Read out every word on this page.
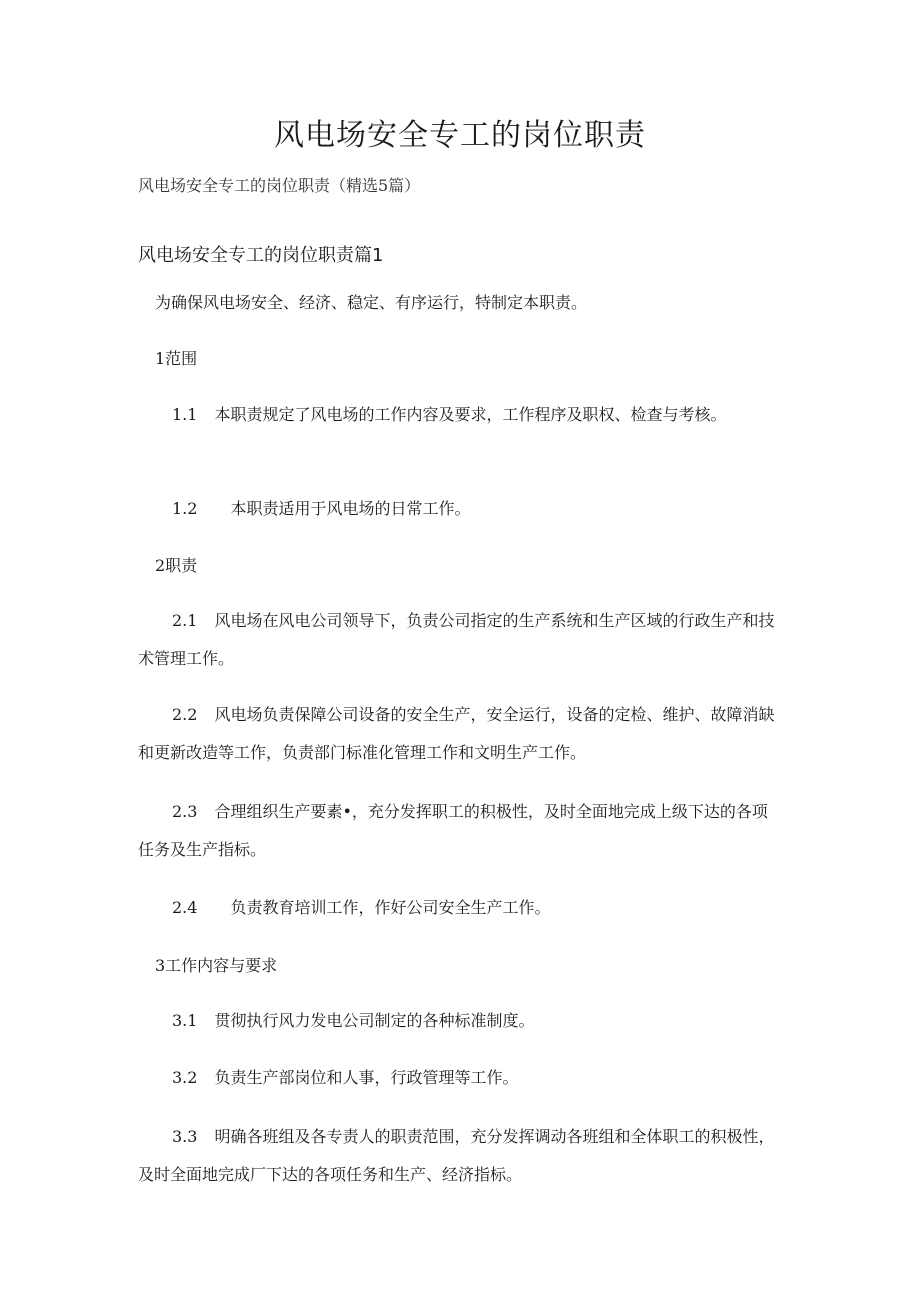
风电场安全专工的岗位职责

风电场安全专工的岗位职责（精选5篇）

风电场安全专工的岗位职责篇1

为确保风电场安全、经济、稳定、有序运行，特制定本职责。

1范围

1.1 本职责规定了风电场的工作内容及要求，工作程序及职权、检查与考核。

1.2 本职责适用于风电场的日常工作。

2职责

2.1 风电场在风电公司领导下，负责公司指定的生产系统和生产区域的行政生产和技术管理工作。

2.2 风电场负责保障公司设备的安全生产，安全运行，设备的定检、维护、故障消缺和更新改造等工作，负责部门标准化管理工作和文明生产工作。

2.3 合理组织生产要素•，充分发挥职工的积极性，及时全面地完成上级下达的各项任务及生产指标。

2.4 负责教育培训工作，作好公司安全生产工作。

3工作内容与要求

3.1 贯彻执行风力发电公司制定的各种标准制度。

3.2 负责生产部岗位和人事，行政管理等工作。

3.3 明确各班组及各专责人的职责范围，充分发挥调动各班组和全体职工的积极性，及时全面地完成厂下达的各项任务和生产、经济指标。
